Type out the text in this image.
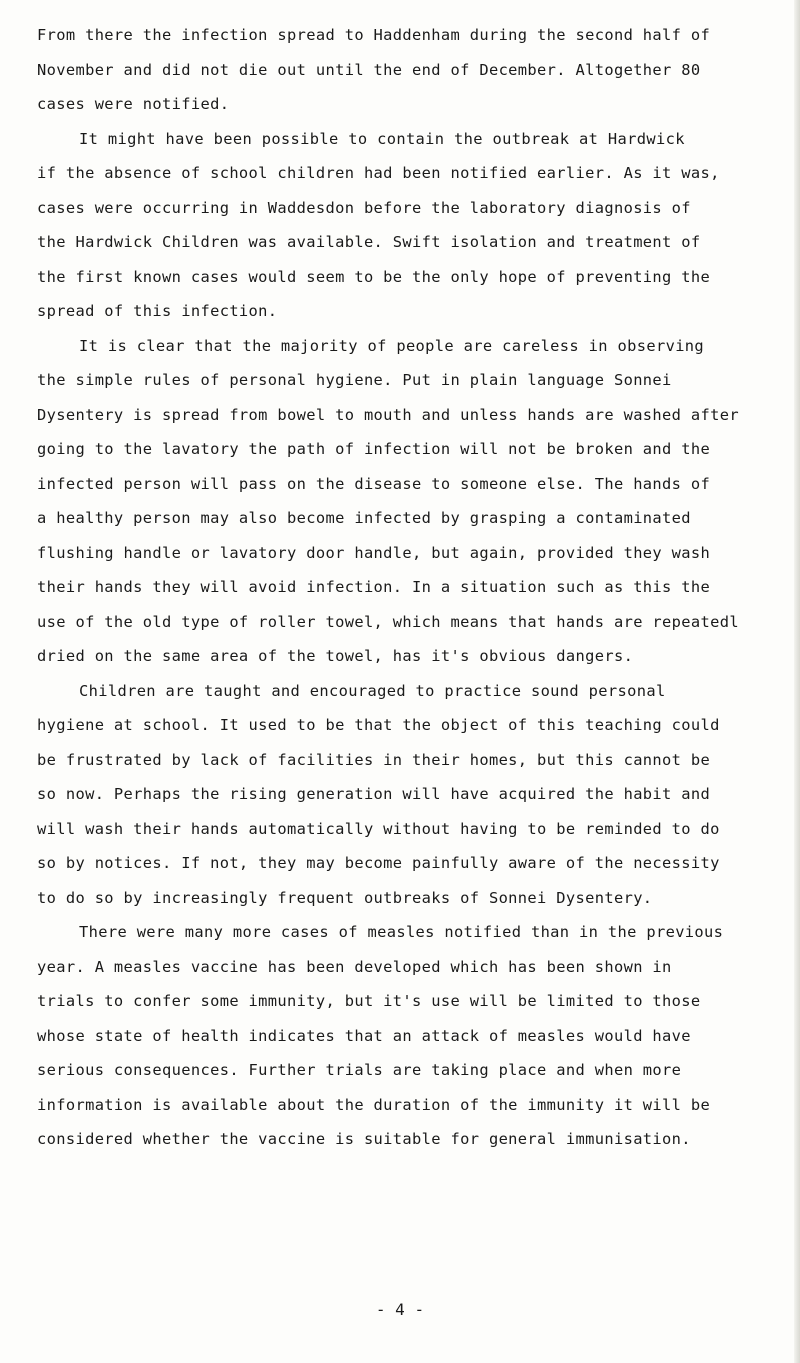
From there the infection spread to Haddenham during the second half of
November and did not die out until the end of December. Altogether 80
cases were notified.
It might have been possible to contain the outbreak at Hardwick
if the absence of school children had been notified earlier. As it was,
cases were occurring in Waddesdon before the laboratory diagnosis of
the Hardwick Children was available. Swift isolation and treatment of
the first known cases would seem to be the only hope of preventing the
spread of this infection.
It is clear that the majority of people are careless in observing
the simple rules of personal hygiene. Put in plain language Sonnei
Dysentery is spread from bowel to mouth and unless hands are washed after
going to the lavatory the path of infection will not be broken and the
infected person will pass on the disease to someone else. The hands of
a healthy person may also become infected by grasping a contaminated
flushing handle or lavatory door handle, but again, provided they wash
their hands they will avoid infection. In a situation such as this the
use of the old type of roller towel, which means that hands are repeatedl
dried on the same area of the towel, has it's obvious dangers.
Children are taught and encouraged to practice sound personal
hygiene at school. It used to be that the object of this teaching could
be frustrated by lack of facilities in their homes, but this cannot be
so now. Perhaps the rising generation will have acquired the habit and
will wash their hands automatically without having to be reminded to do
so by notices. If not, they may become painfully aware of the necessity
to do so by increasingly frequent outbreaks of Sonnei Dysentery.
There were many more cases of measles notified than in the previous
year. A measles vaccine has been developed which has been shown in
trials to confer some immunity, but it's use will be limited to those
whose state of health indicates that an attack of measles would have
serious consequences. Further trials are taking place and when more
information is available about the duration of the immunity it will be
considered whether the vaccine is suitable for general immunisation.
- 4 -
